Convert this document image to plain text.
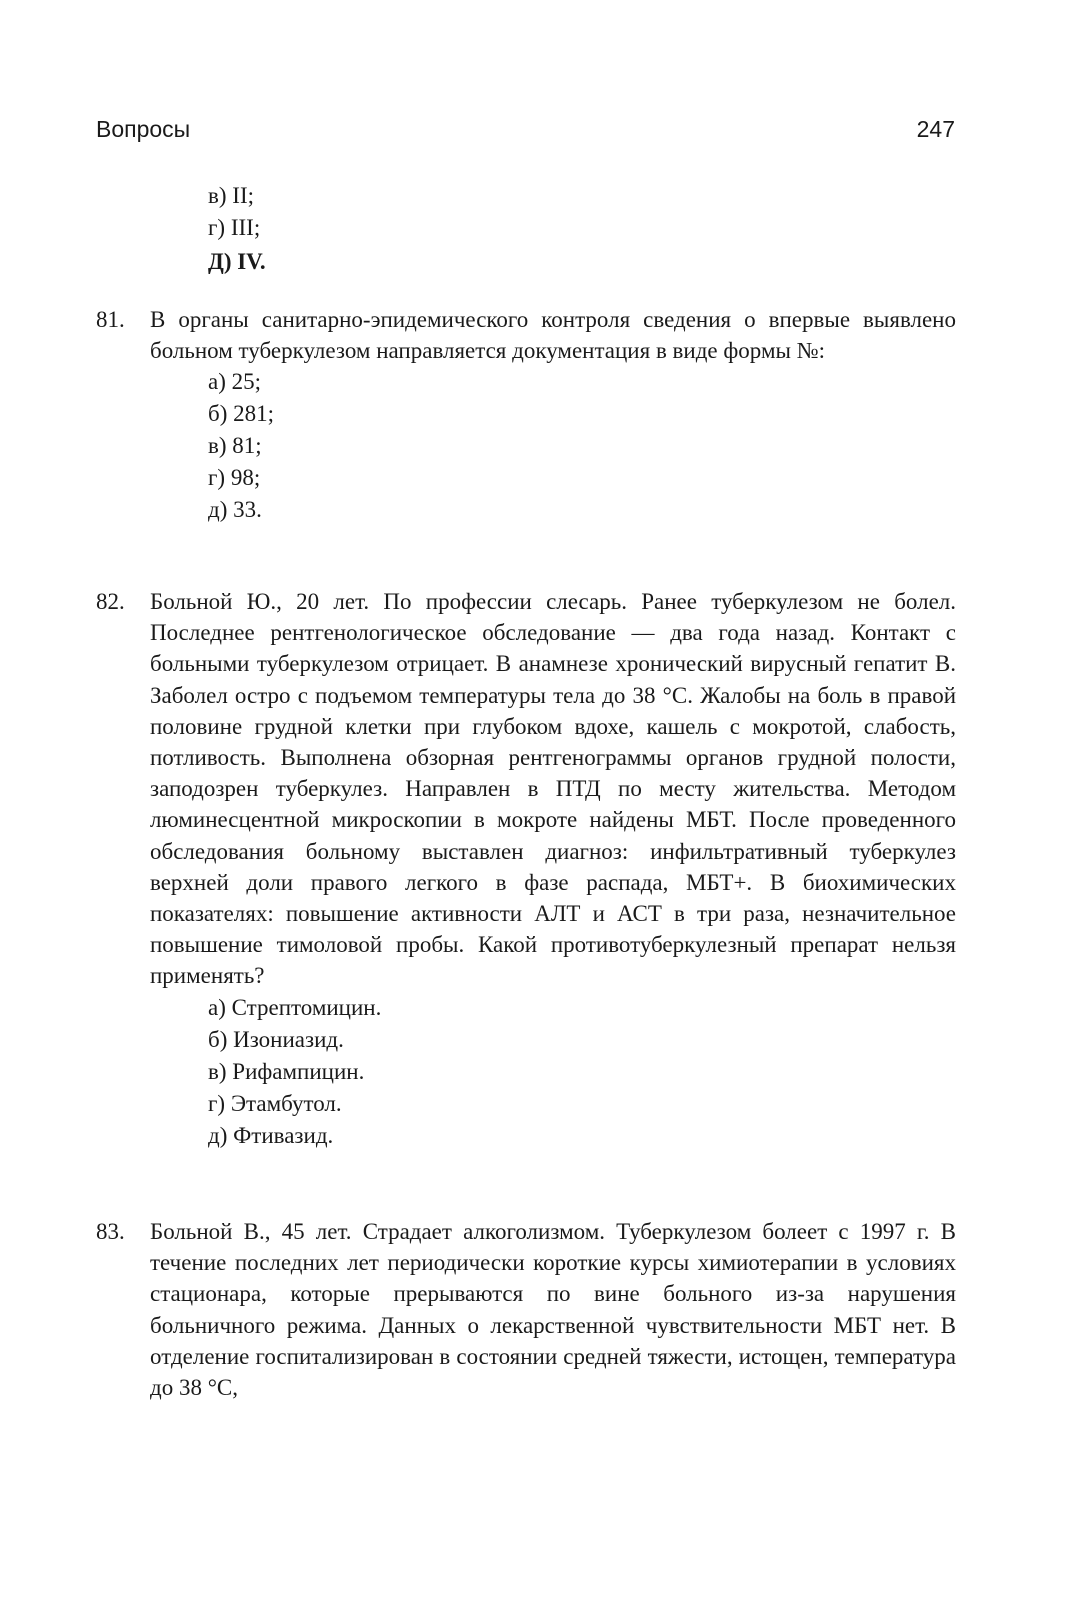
Вопросы	247
в) II;
г) III;
Д) IV.
81. В органы санитарно-эпидемического контроля сведения о впервые выявлено больном туберкулезом направляется документация в виде формы №:
а) 25;
б) 281;
в) 81;
г) 98;
д) 33.
82. Больной Ю., 20 лет. По профессии слесарь. Ранее туберкулезом не болел. Последнее рентгенологическое обследование — два года назад. Контакт с больными туберкулезом отрицает. В анамнезе хронический вирусный гепатит В. Заболел остро с подъемом температуры тела до 38 °С. Жалобы на боль в правой половине грудной клетки при глубоком вдохе, кашель с мокротой, слабость, потливость. Выполнена обзорная рентгенограммы органов грудной полости, заподозрен туберкулез. Направлен в ПТД по месту жительства. Методом люминесцентной микроскопии в мокроте найдены МБТ. После проведенного обследования больному выставлен диагноз: инфильтративный туберкулез верхней доли правого легкого в фазе распада, МБТ+. В биохимических показателях: повышение активности АЛТ и АСТ в три раза, незначительное повышение тимоловой пробы. Какой противотуберкулезный препарат нельзя применять?
а) Стрептомицин.
б) Изониазид.
в) Рифампицин.
г) Этамбутол.
д) Фтивазид.
83. Больной В., 45 лет. Страдает алкоголизмом. Туберкулезом болеет с 1997 г. В течение последних лет периодически короткие курсы химиотерапии в условиях стационара, которые прерываются по вине больного из-за нарушения больничного режима. Данных о лекарственной чувствительности МБТ нет. В отделение госпитализирован в состоянии средней тяжести, истощен, температура до 38 °С,
